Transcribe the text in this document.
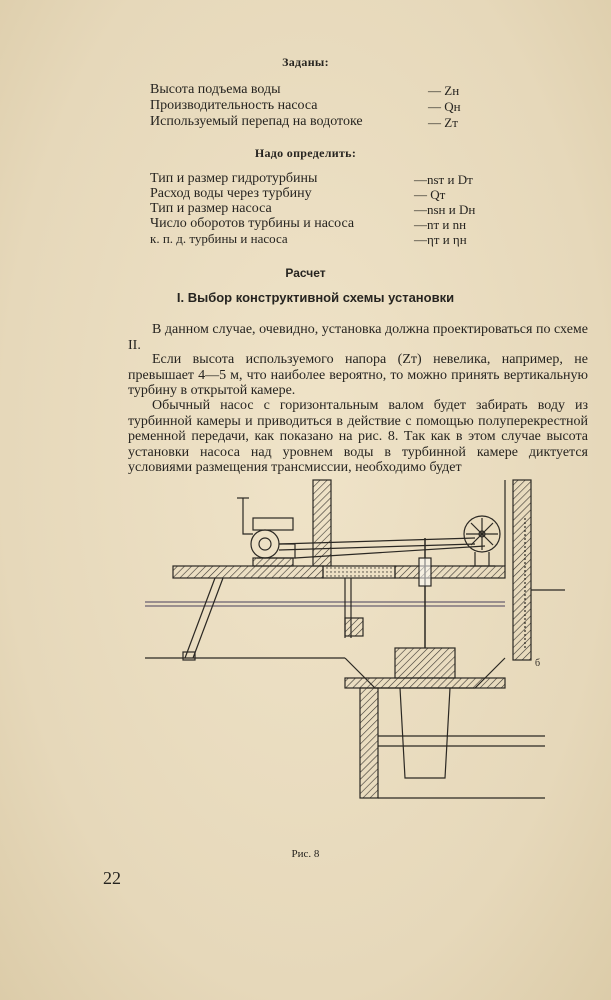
Заданы:
Высота подъема воды	— Zн
Производительность насоса	— Qн
Используемый перепад на водотоке	— Zт
Надо определить:
Тип и размер гидротурбины	—nsт и Dт
Расход воды через турбину	— Qт
Тип и размер насоса	—nsн и Dн
Число оборотов турбины и насоса	—nт и nн
к. п. д. турбины и насоса	—ηт и ηн
Расчет
I. Выбор конструктивной схемы установки
В данном случае, очевидно, установка должна проектироваться по схеме II.
Если высота используемого напора (Zт) невелика, например, не превышает 4—5 м, что наиболее вероятно, то можно принять вертикальную турбину в открытой камере.
Обычный насос с горизонтальным валом будет забирать воду из турбинной камеры и приводиться в действие с помощью полуперекрестной ременной передачи, как показано на рис. 8. Так как в этом случае высота установки насоса над уровнем воды в турбинной камере диктуется условиями размещения трансмиссии, необходимо будет
б
Рис. 8
22
